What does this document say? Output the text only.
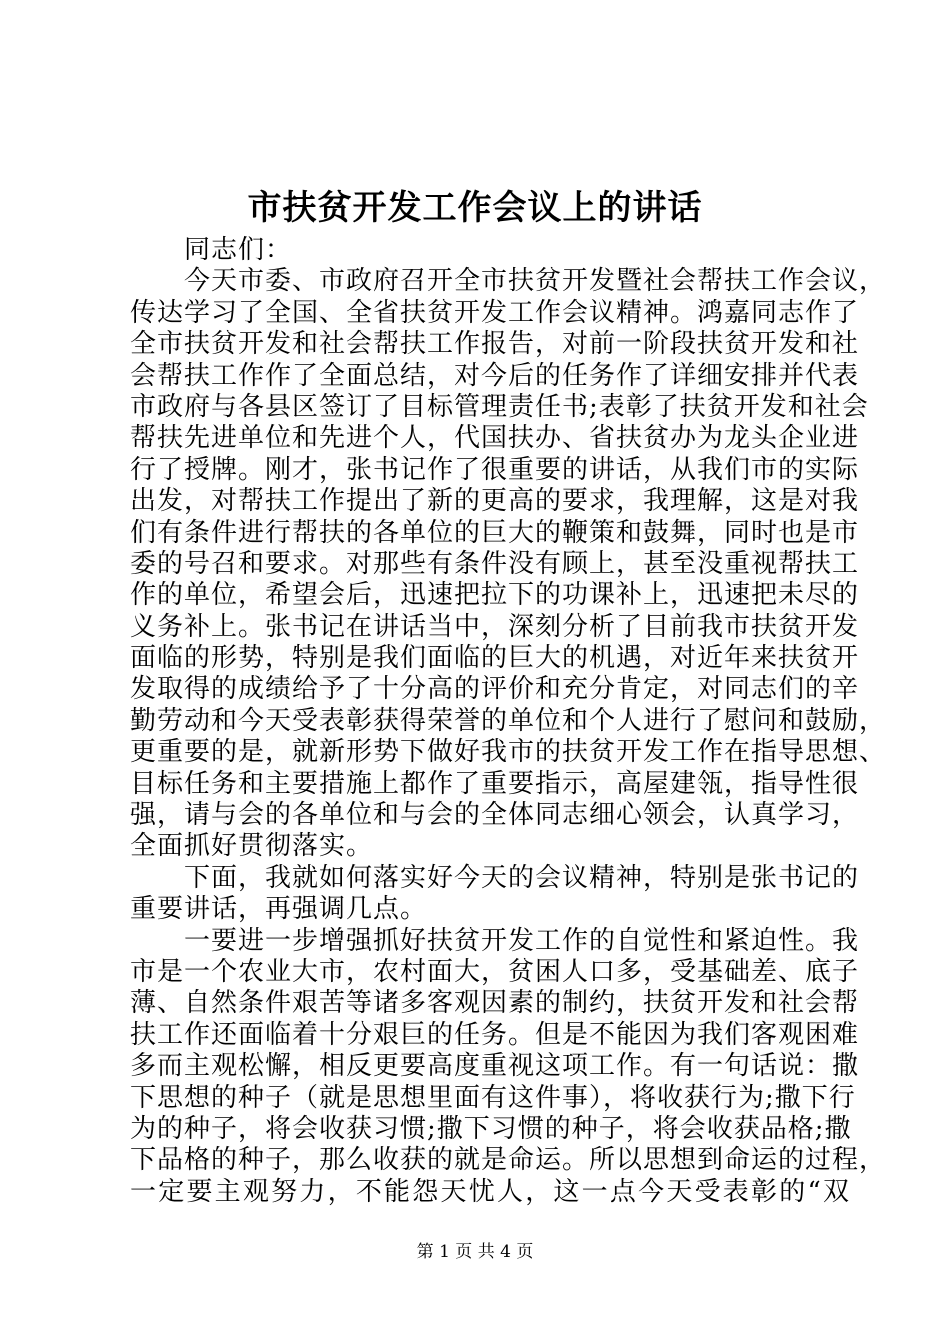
市扶贫开发工作会议上的讲话
　　同志们：
　　今天市委、市政府召开全市扶贫开发暨社会帮扶工作会议，
传达学习了全国、全省扶贫开发工作会议精神。鸿嘉同志作了
全市扶贫开发和社会帮扶工作报告，对前一阶段扶贫开发和社
会帮扶工作作了全面总结，对今后的任务作了详细安排并代表
市政府与各县区签订了目标管理责任书;表彰了扶贫开发和社会
帮扶先进单位和先进个人，代国扶办、省扶贫办为龙头企业进
行了授牌。刚才，张书记作了很重要的讲话，从我们市的实际
出发，对帮扶工作提出了新的更高的要求，我理解，这是对我
们有条件进行帮扶的各单位的巨大的鞭策和鼓舞，同时也是市
委的号召和要求。对那些有条件没有顾上，甚至没重视帮扶工
作的单位，希望会后，迅速把拉下的功课补上，迅速把未尽的
义务补上。张书记在讲话当中，深刻分析了目前我市扶贫开发
面临的形势，特别是我们面临的巨大的机遇，对近年来扶贫开
发取得的成绩给予了十分高的评价和充分肯定，对同志们的辛
勤劳动和今天受表彰获得荣誉的单位和个人进行了慰问和鼓励，
更重要的是，就新形势下做好我市的扶贫开发工作在指导思想、
目标任务和主要措施上都作了重要指示，高屋建瓴，指导性很
强，请与会的各单位和与会的全体同志细心领会，认真学习，
全面抓好贯彻落实。
　　下面，我就如何落实好今天的会议精神，特别是张书记的
重要讲话，再强调几点。
　　一要进一步增强抓好扶贫开发工作的自觉性和紧迫性。我
市是一个农业大市，农村面大，贫困人口多，受基础差、底子
薄、自然条件艰苦等诸多客观因素的制约，扶贫开发和社会帮
扶工作还面临着十分艰巨的任务。但是不能因为我们客观困难
多而主观松懈，相反更要高度重视这项工作。有一句话说：撒
下思想的种子（就是思想里面有这件事），将收获行为;撒下行
为的种子，将会收获习惯;撒下习惯的种子，将会收获品格;撒
下品格的种子，那么收获的就是命运。所以思想到命运的过程，
一定要主观努力，不能怨天忧人，这一点今天受表彰的“双
第 1 页 共 4 页
